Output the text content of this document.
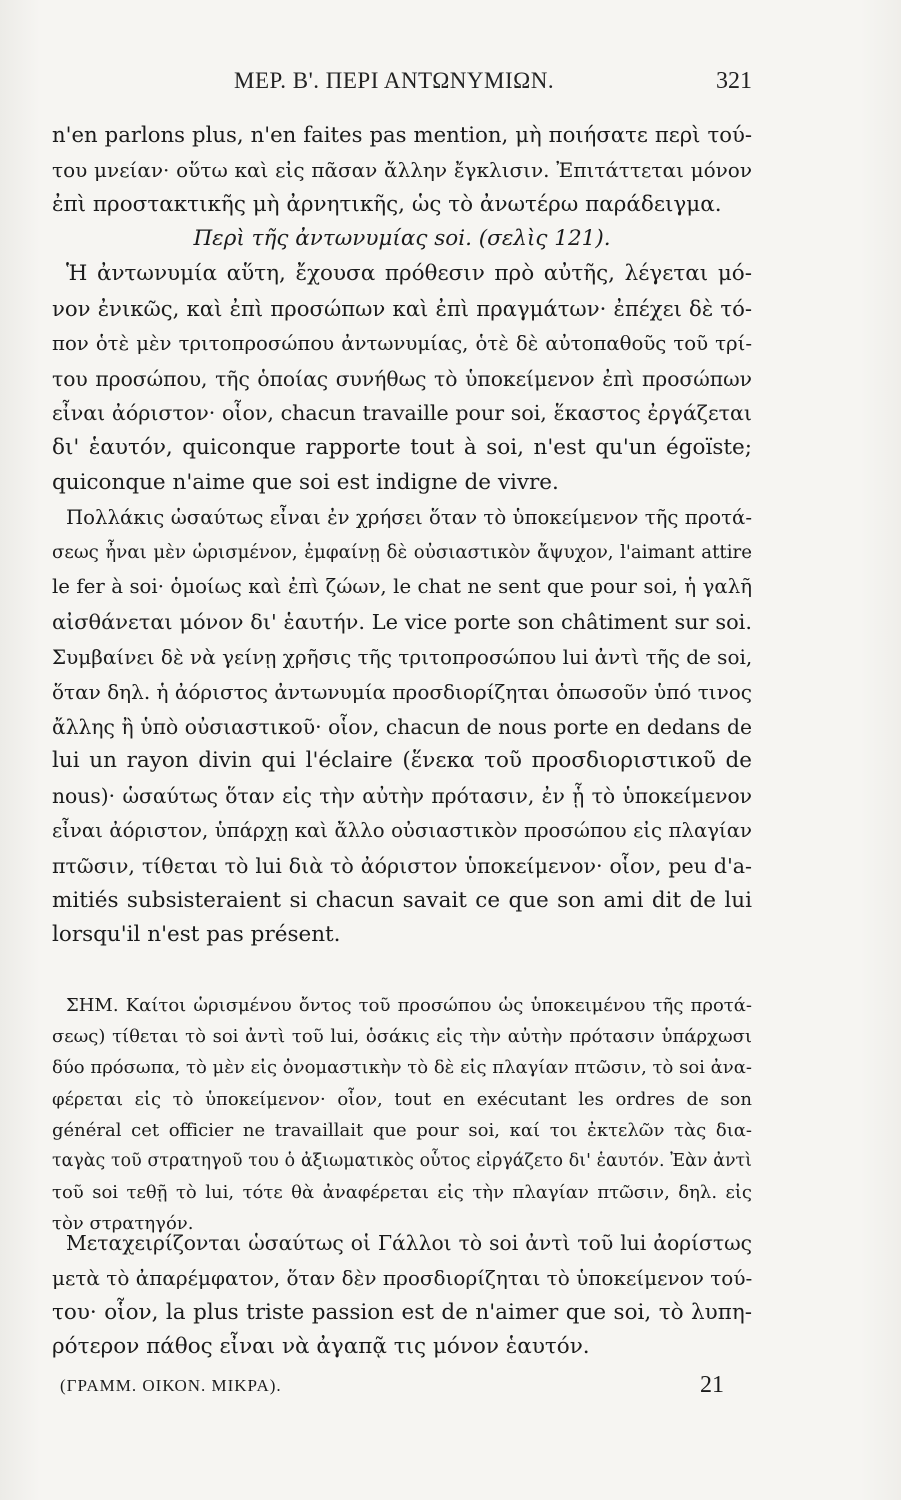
ΜΕΡ. Β'. ΠΕΡΙ ΑΝΤΩΝΥΜΙΩΝ.	321
n'en parlons plus, n'en faites pas mention, μὴ ποιήσατε περὶ τού-
του μνείαν· οὕτω καὶ εἰς πᾶσαν ἄλλην ἔγκλισιν. Ἐπιτάττεται μόνον
ἐπὶ προστακτικῆς μὴ ἀρνητικῆς, ὡς τὸ ἀνωτέρω παράδειγμα.
Περὶ τῆς ἀντωνυμίας soi. (σελὶς 121).
Ἡ ἀντωνυμία αὕτη, ἔχουσα πρόθεσιν πρὸ αὐτῆς, λέγεται μό-
νον ἐνικῶς, καὶ ἐπὶ προσώπων καὶ ἐπὶ πραγμάτων· ἐπέχει δὲ τό-
πον ὁτὲ μὲν τριτοπροσώπου ἀντωνυμίας, ὁτὲ δὲ αὐτοπαθοῦς τοῦ τρί-
του προσώπου, τῆς ὁποίας συνήθως τὸ ὑποκείμενον ἐπὶ προσώπων
εἶναι ἀόριστον· οἷον, chacun travaille pour soi, ἕκαστος ἐργάζεται
δι' ἑαυτόν, quiconque rapporte tout à soi, n'est qu'un égoïste;
quiconque n'aime que soi est indigne de vivre.
Πολλάκις ὡσαύτως εἶναι ἐν χρήσει ὅταν τὸ ὑποκείμενον τῆς προτά-
σεως ἦναι μὲν ὡρισμένον, ἐμφαίνῃ δὲ οὐσιαστικὸν ἄψυχον, l'aimant attire
le fer à soi· ὁμοίως καὶ ἐπὶ ζώων, le chat ne sent que pour soi, ἡ γαλῆ
αἰσθάνεται μόνον δι' ἑαυτήν. Le vice porte son châtiment sur soi.
Συμβαίνει δὲ νὰ γείνῃ χρῆσις τῆς τριτοπροσώπου lui ἀντὶ τῆς de soi,
ὅταν δηλ. ἡ ἀόριστος ἀντωνυμία προσδιορίζηται ὁπωσοῦν ὑπό τινος
ἄλλης ἢ ὑπὸ οὐσιαστικοῦ· οἷον, chacun de nous porte en dedans de
lui un rayon divin qui l'éclaire (ἕνεκα τοῦ προσδιοριστικοῦ de
nous)· ὡσαύτως ὅταν εἰς τὴν αὐτὴν πρότασιν, ἐν ᾗ τὸ ὑποκείμενον
εἶναι ἀόριστον, ὑπάρχῃ καὶ ἄλλο οὐσιαστικὸν προσώπου εἰς πλαγίαν
πτῶσιν, τίθεται τὸ lui διὰ τὸ ἀόριστον ὑποκείμενον· οἷον, peu d'a-
mitiés subsisteraient si chacun savait ce que son ami dit de lui
lorsqu'il n'est pas présent.
ΣΗΜ. Καίτοι ὡρισμένου ὄντος τοῦ προσώπου ὡς ὑποκειμένου τῆς προτά-
σεως) τίθεται τὸ soi ἀντὶ τοῦ lui, ὁσάκις εἰς τὴν αὐτὴν πρότασιν ὑπάρχωσι
δύο πρόσωπα, τὸ μὲν εἰς ὀνομαστικὴν τὸ δὲ εἰς πλαγίαν πτῶσιν, τὸ soi ἀνα-
φέρεται εἰς τὸ ὑποκείμενον· οἷον, tout en exécutant les ordres de son
général cet officier ne travaillait que pour soi, καί τοι ἐκτελῶν τὰς δια-
ταγὰς τοῦ στρατηγοῦ του ὁ ἀξιωματικὸς οὗτος εἰργάζετο δι' ἑαυτόν. Ἐὰν ἀντὶ
τοῦ soi τεθῇ τὸ lui, τότε θὰ ἀναφέρεται εἰς τὴν πλαγίαν πτῶσιν, δηλ. εἰς
τὸν στρατηγόν.
Μεταχειρίζονται ὡσαύτως οἱ Γάλλοι τὸ soi ἀντὶ τοῦ lui ἀορίστως
μετὰ τὸ ἀπαρέμφατον, ὅταν δὲν προσδιορίζηται τὸ ὑποκείμενον τού-
του· οἷον, la plus triste passion est de n'aimer que soi, τὸ λυπη-
ρότερον πάθος εἶναι νὰ ἀγαπᾷ τις μόνον ἑαυτόν.
(ΓΡΑΜΜ. ΟΙΚΟΝ. ΜΙΚΡΑ).	21
